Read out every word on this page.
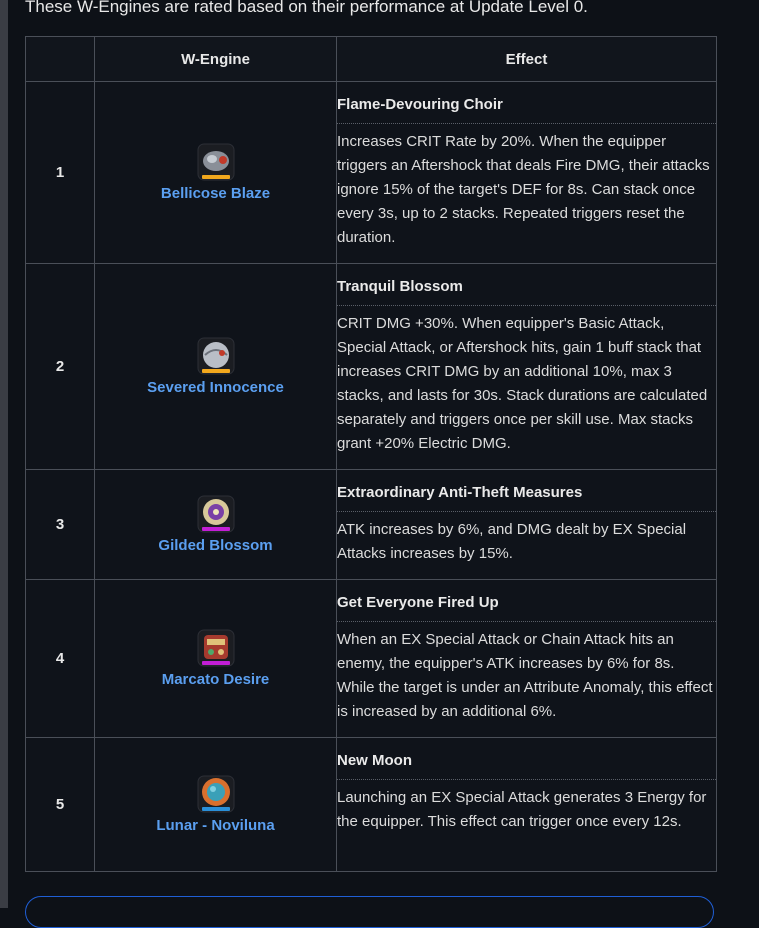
These W-Engines are rated based on their performance at Update Level 0.
	W-Engine	Effect
1	Bellicose Blaze	Flame-Devouring Choir
Increases CRIT Rate by 20%. When the equipper triggers an Aftershock that deals Fire DMG, their attacks ignore 15% of the target's DEF for 8s. Can stack once every 3s, up to 2 stacks. Repeated triggers reset the duration.

2	Severed Innocence	Tranquil Blossom
CRIT DMG +30%. When equipper's Basic Attack, Special Attack, or Aftershock hits, gain 1 buff stack that increases CRIT DMG by an additional 10%, max 3 stacks, and lasts for 30s. Stack durations are calculated separately and triggers once per skill use. Max stacks grant +20% Electric DMG.

3	Gilded Blossom	Extraordinary Anti-Theft Measures
ATK increases by 6%, and DMG dealt by EX Special Attacks increases by 15%.

4	Marcato Desire	Get Everyone Fired Up
When an EX Special Attack or Chain Attack hits an enemy, the equipper's ATK increases by 6% for 8s. While the target is under an Attribute Anomaly, this effect is increased by an additional 6%.

5	Lunar - Noviluna	New Moon
Launching an EX Special Attack generates 3 Energy for the equipper. This effect can trigger once every 12s.
